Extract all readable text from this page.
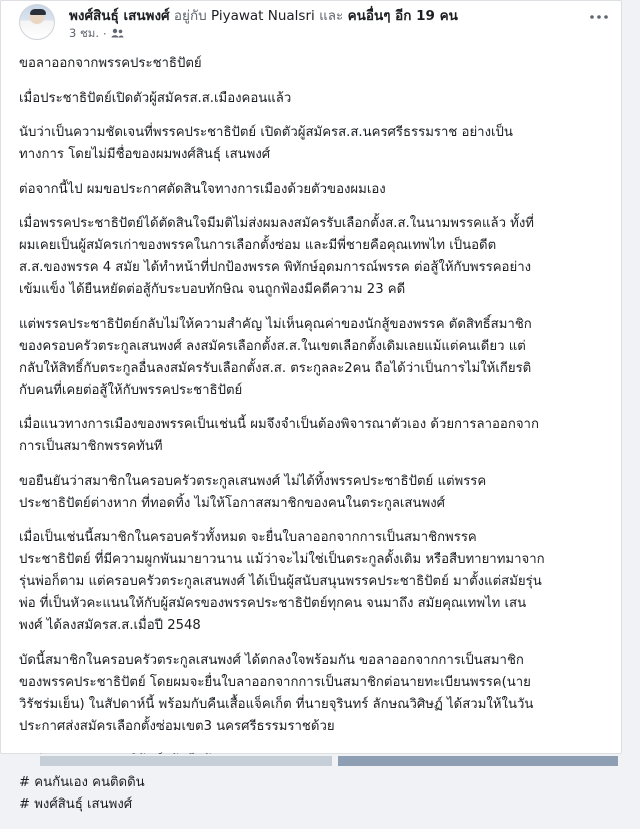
พงศ์สินธุ์ เสนพงศ์ อยู่กับ Piyawat Nualsri และ คนอื่นๆ อีก 19 คน
3 ชม. ·

ขอลาออกจากพรรคประชาธิปัตย์

เมื่อประชาธิปัตย์เปิดตัวผู้สมัครส.ส.เมืองคอนแล้ว

นับว่าเป็นความชัดเจนที่พรรคประชาธิปัตย์ เปิดตัวผู้สมัครส.ส.นครศรีธรรมราช อย่างเป็น
ทางการ โดยไม่มีชื่อของผมพงศ์สินธุ์ เสนพงศ์

ต่อจากนี้ไป ผมขอประกาศตัดสินใจทางการเมืองด้วยตัวของผมเอง

เมื่อพรรคประชาธิปัตย์ได้ตัดสินใจมีมติไม่ส่งผมลงสมัครรับเลือกตั้งส.ส.ในนามพรรคแล้ว ทั้งที่
ผมเคยเป็นผู้สมัครเก่าของพรรคในการเลือกตั้งซ่อม และมีพี่ชายคือคุณเทพไท เป็นอดีต
ส.ส.ของพรรค 4 สมัย ได้ทำหน้าที่ปกป้องพรรค พิทักษ์อุดมการณ์พรรค ต่อสู้ให้กับพรรคอย่าง
เข้มแข็ง ได้ยืนหยัดต่อสู้กับระบอบทักษิณ จนถูกฟ้องมีคดีความ 23 คดี

แต่พรรคประชาธิปัตย์กลับไม่ให้ความสำคัญ ไม่เห็นคุณค่าของนักสู้ของพรรค ตัดสิทธิ์สมาชิก
ของครอบครัวตระกูลเสนพงศ์ ลงสมัครเลือกตั้งส.ส.ในเขตเลือกตั้งเดิมเลยแม้แต่คนเดียว แต่
กลับให้สิทธิ์กับตระกูลอื่นลงสมัครรับเลือกตั้งส.ส. ตระกูลละ2คน ถือได้ว่าเป็นการไม่ให้เกียรติ
กับคนที่เคยต่อสู้ให้กับพรรคประชาธิปัตย์

เมื่อแนวทางการเมืองของพรรคเป็นเช่นนี้ ผมจึงจำเป็นต้องพิจารณาตัวเอง ด้วยการลาออกจาก
การเป็นสมาชิกพรรคทันที

ขอยืนยันว่าสมาชิกในครอบครัวตระกูลเสนพงศ์ ไม่ได้ทิ้งพรรคประชาธิปัตย์ แต่พรรค
ประชาธิปัตย์ต่างหาก ที่ทอดทิ้ง ไม่ให้โอกาสสมาชิกของคนในตระกูลเสนพงศ์

เมื่อเป็นเช่นนี้สมาชิกในครอบครัวทั้งหมด จะยื่นใบลาออกจากการเป็นสมาชิกพรรค
ประชาธิปัตย์ ที่มีความผูกพันมายาวนาน แม้ว่าจะไม่ใช่เป็นตระกูลดั้งเดิม หรือสืบทายาทมาจาก
รุ่นพ่อก็ตาม แต่ครอบครัวตระกูลเสนพงศ์ ได้เป็นผู้สนับสนุนพรรคประชาธิปัตย์ มาตั้งแต่สมัยรุ่น
พ่อ ที่เป็นหัวคะแนนให้กับผู้สมัครของพรรคประชาธิปัตย์ทุกคน จนมาถึง สมัยคุณเทพไท เสน
พงศ์ ได้ลงสมัครส.ส.เมื่อปี 2548

บัดนี้สมาชิกในครอบครัวตระกูลเสนพงศ์ ได้ตกลงใจพร้อมกัน ขอลาออกจากการเป็นสมาชิก
ของพรรคประชาธิปัตย์ โดยผมจะยื่นใบลาออกจากการเป็นสมาชิกต่อนายทะเบียนพรรค(นาย
วิรัชร่มเย็น) ในสัปดาห์นี้ พร้อมกับคืนเสื้อแจ็คเก็ต ที่นายจุรินทร์ ลักษณวิศิษฏ์ ได้สวมให้ในวัน
ประกาศส่งสมัครเลือกตั้งซ่อมเขต3 นครศรีธรรมราชด้วย

# คนกันเอง คนติดดิน
# พงศ์สินธุ์ เสนพงศ์
